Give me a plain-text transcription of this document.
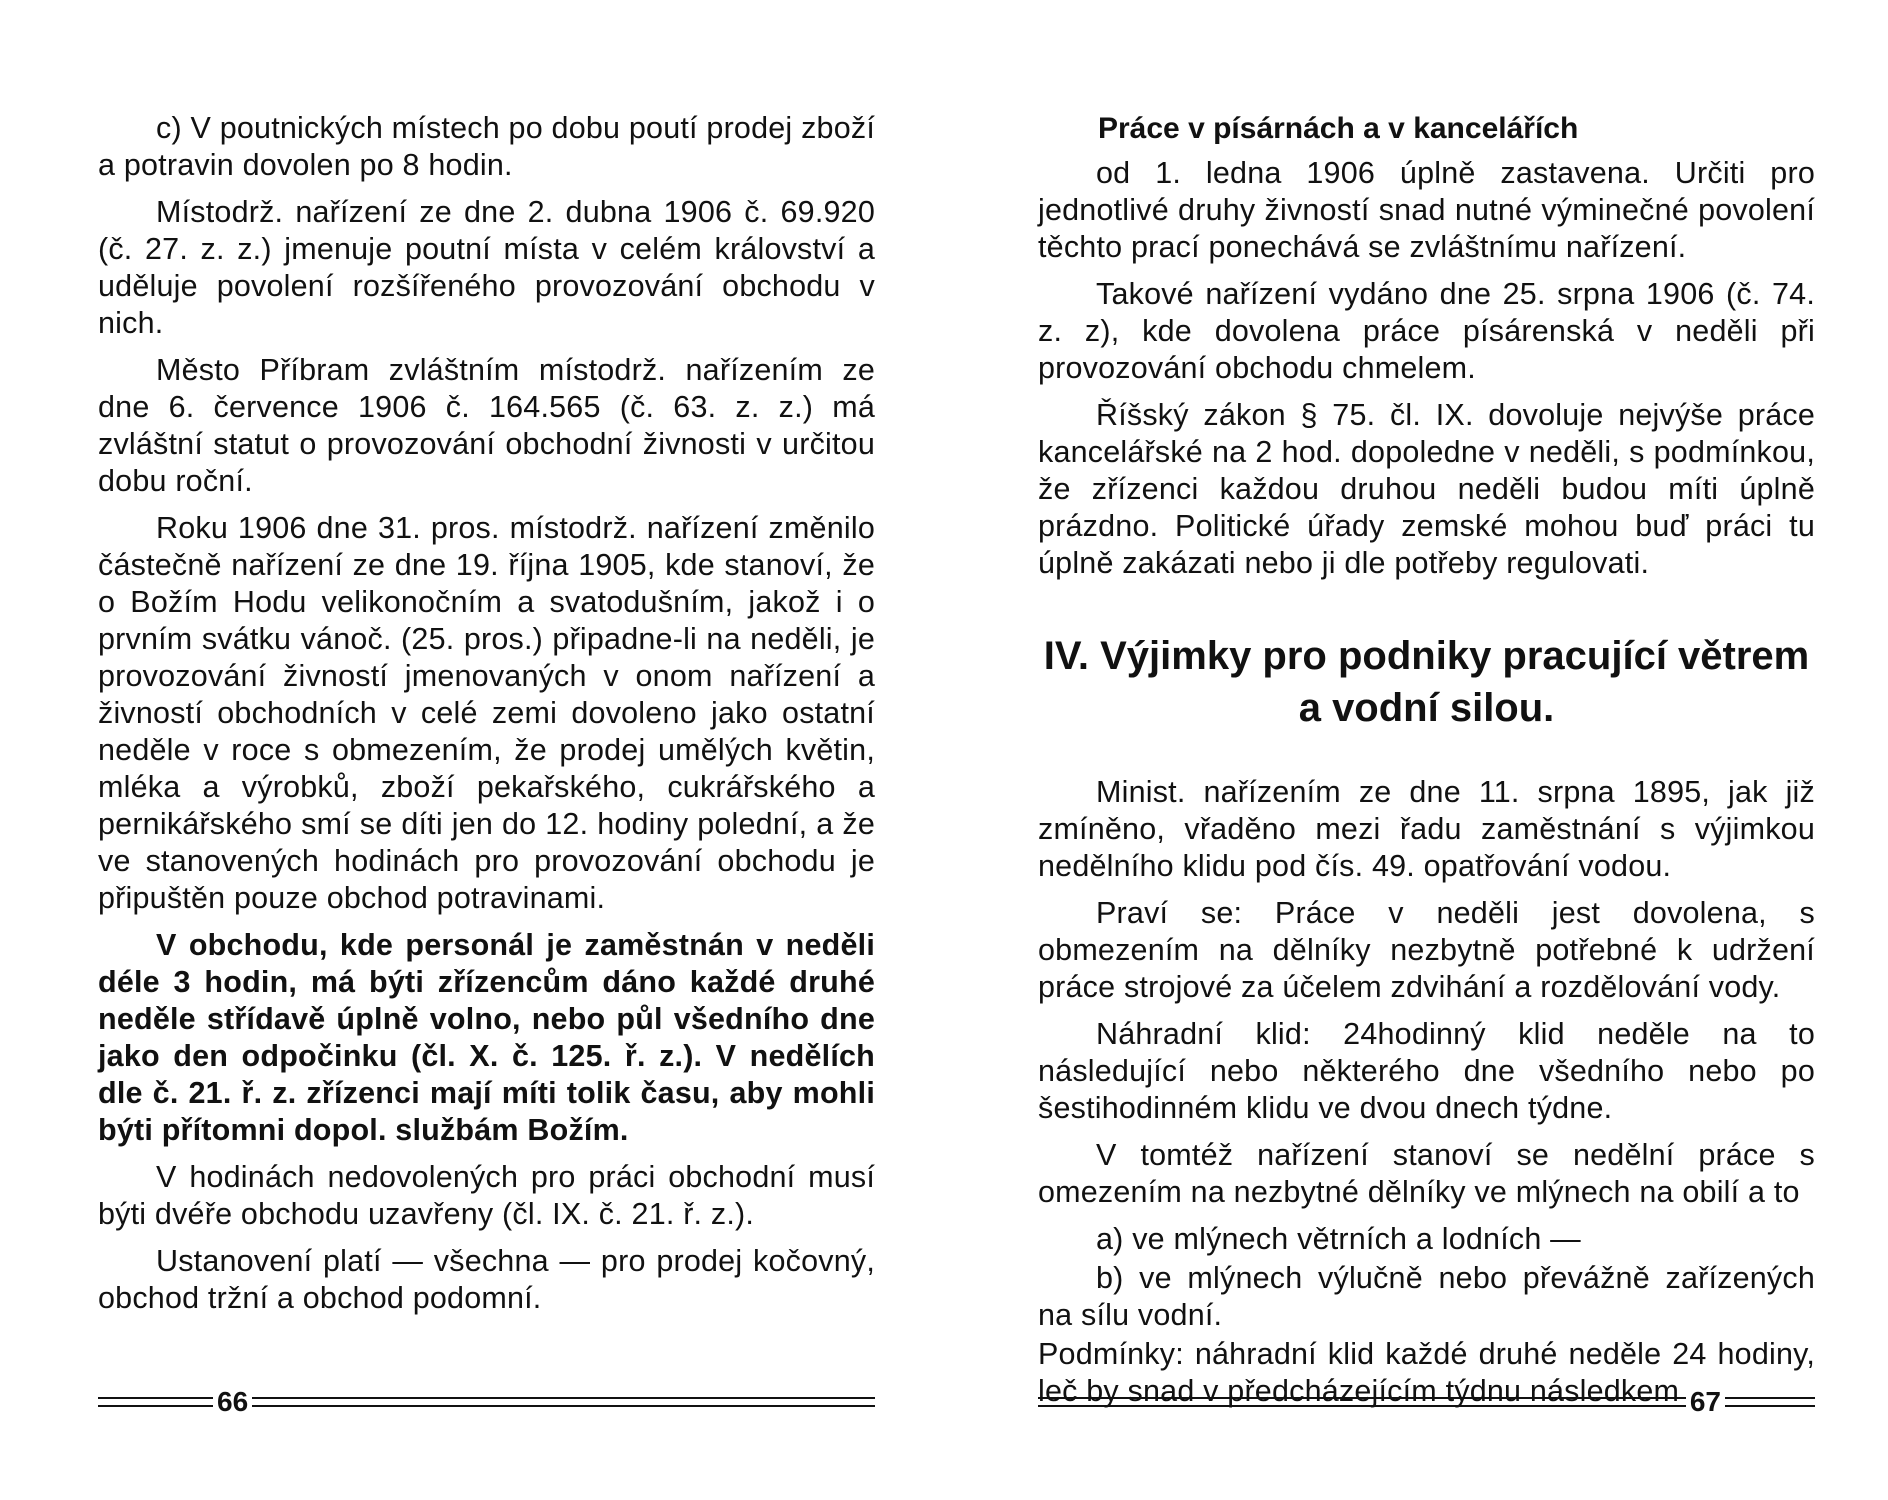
c) V poutnických místech po dobu poutí prodej zboží a potravin dovolen po 8 hodin.

Místodrž. nařízení ze dne 2. dubna 1906 č. 69.920 (č. 27. z. z.) jmenuje poutní místa v celém království a uděluje povolení rozšířeného provozování obchodu v nich.

Město Příbram zvláštním místodrž. nařízením ze dne 6. července 1906 č. 164.565 (č. 63. z. z.) má zvláštní statut o provozování obchodní živnosti v určitou dobu roční.

Roku 1906 dne 31. pros. místodrž. nařízení změnilo částečně nařízení ze dne 19. října 1905, kde stanoví, že o Božím Hodu velikonočním a svatodušním, jakož i o prvním svátku vánoč. (25. pros.) připadne-li na neděli, je provozování živností jmenovaných v onom nařízení a živností obchodních v celé zemi dovoleno jako ostatní neděle v roce s obmezením, že prodej umělých květin, mléka a výrobků, zboží pekařského, cukrářského a pernikářského smí se díti jen do 12. hodiny polední, a že ve stanovených hodinách pro provozování obchodu je připuštěn pouze obchod potravinami.

V obchodu, kde personál je zaměstnán v neděli déle 3 hodin, má býti zřízencům dáno každé druhé neděle střídavě úplně volno, nebo půl všedního dne jako den odpočinku (čl. X. č. 125. ř. z.). V nedělích dle č. 21. ř. z. zřízenci mají míti tolik času, aby mohli býti přítomni dopol. službám Božím.

V hodinách nedovolených pro práci obchodní musí býti dvéře obchodu uzavřeny (čl. IX. č. 21. ř. z.).

Ustanovení platí — všechna — pro prodej kočovný, obchod tržní a obchod podomní.

66
Práce v písárnách a v kancelářích

od 1. ledna 1906 úplně zastavena. Určiti pro jednotlivé druhy živností snad nutné výminečné povolení těchto prací ponechává se zvláštnímu nařízení.

Takové nařízení vydáno dne 25. srpna 1906 (č. 74. z. z), kde dovolena práce písárenská v neděli při provozování obchodu chmelem.

Říšský zákon § 75. čl. IX. dovoluje nejvýše práce kancelářské na 2 hod. dopoledne v neděli, s podmínkou, že zřízenci každou druhou neděli budou míti úplně prázdno. Politické úřady zemské mohou buď práci tu úplně zakázati nebo ji dle potřeby regulovati.

IV. Výjimky pro podniky pracující větrem a vodní silou.

Minist. nařízením ze dne 11. srpna 1895, jak již zmíněno, vřaděno mezi řadu zaměstnání s výjimkou nedělního klidu pod čís. 49. opatřování vodou.

Praví se: Práce v neděli jest dovolena, s obmezením na dělníky nezbytně potřebné k udržení práce strojové za účelem zdvihání a rozdělování vody.

Náhradní klid: 24hodinný klid neděle na to následující nebo některého dne všedního nebo po šestihodinném klidu ve dvou dnech týdne.

V tomtéž nařízení stanoví se nedělní práce s omezením na nezbytné dělníky ve mlýnech na obilí a to

a) ve mlýnech větrních a lodních —

b) ve mlýnech výlučně nebo převážně zařízených na sílu vodní.

Podmínky: náhradní klid každé druhé neděle 24 hodiny, leč by snad v předcházejícím týdnu následkem 67
